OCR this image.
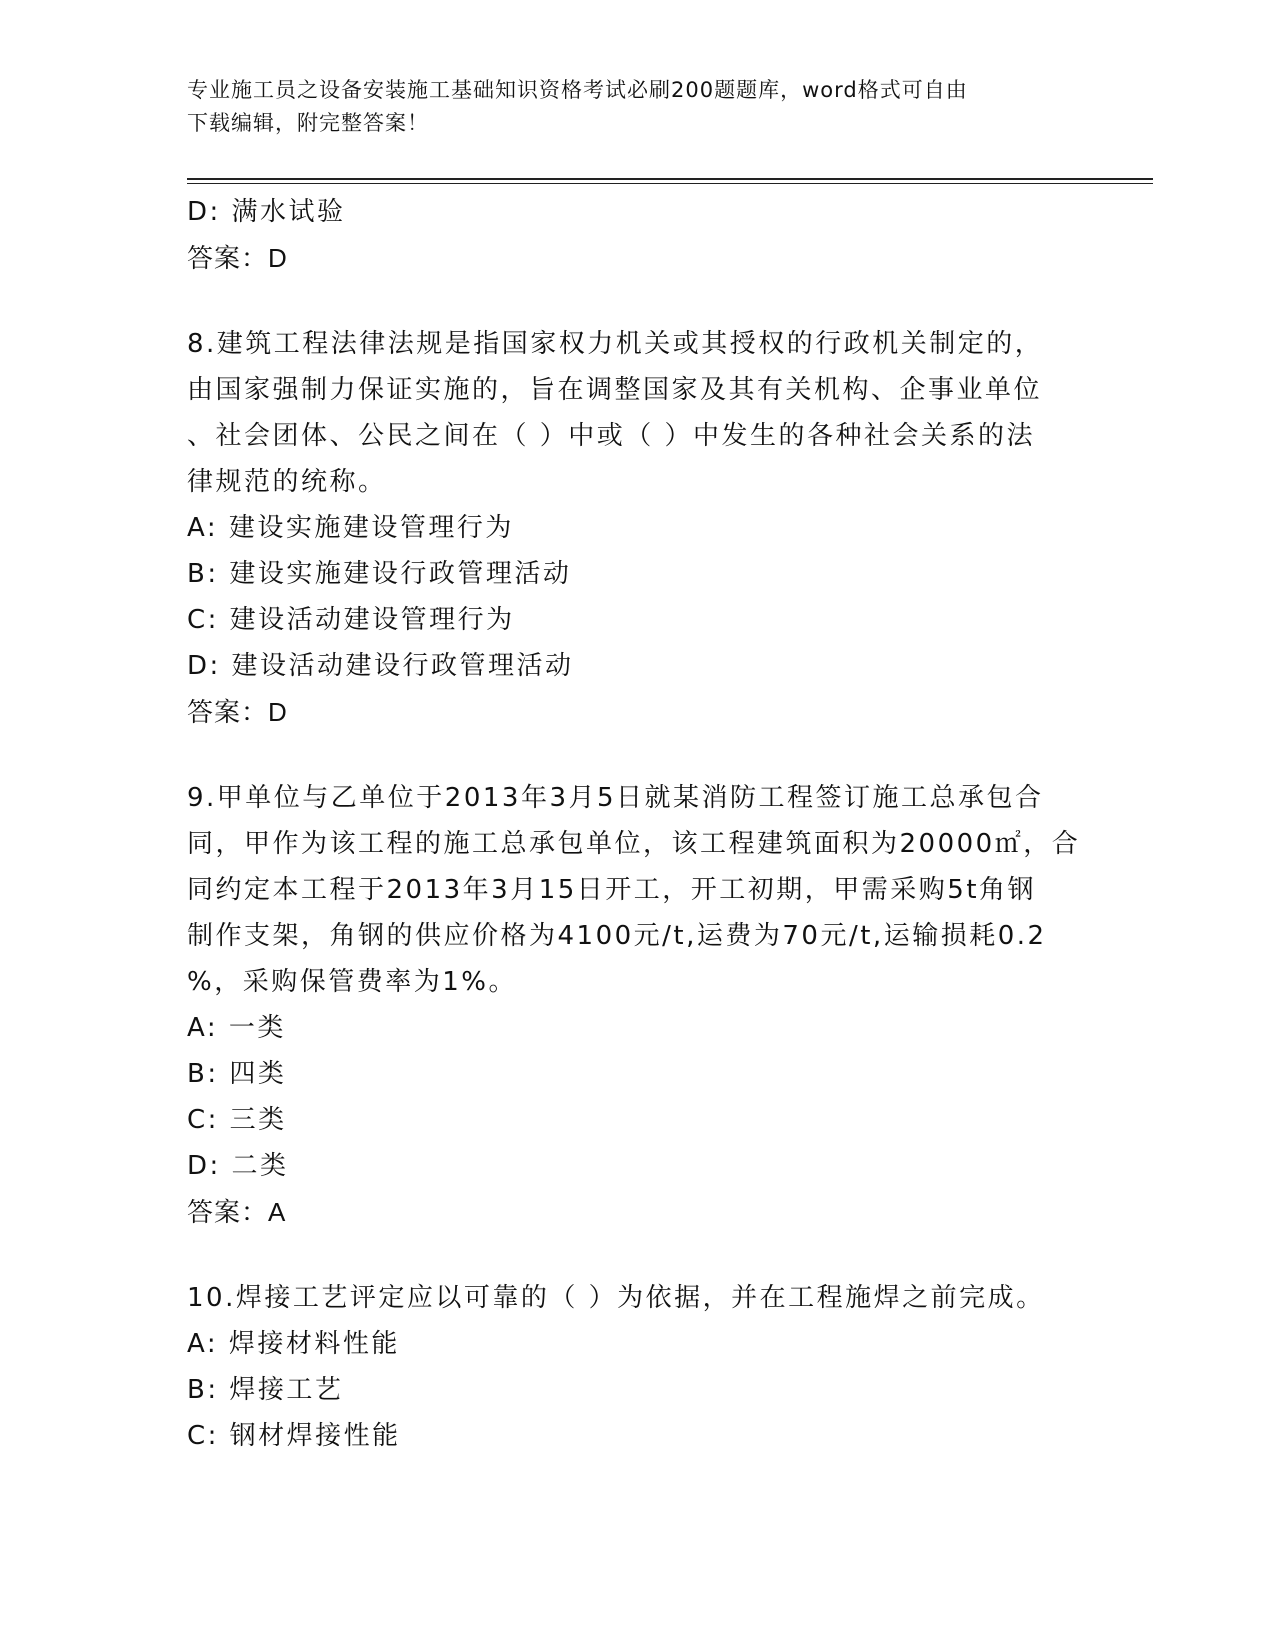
专业施工员之设备安装施工基础知识资格考试必刷200题题库，word格式可自由
下载编辑，附完整答案！
D: 满水试验
答案：D
8.建筑工程法律法规是指国家权力机关或其授权的行政机关制定的，
由国家强制力保证实施的，旨在调整国家及其有关机构、企事业单位
、社会团体、公民之间在（ ）中或（ ）中发生的各种社会关系的法
律规范的统称。
A: 建设实施建设管理行为
B: 建设实施建设行政管理活动
C: 建设活动建设管理行为
D: 建设活动建设行政管理活动
答案：D
9.甲单位与乙单位于2013年3月5日就某消防工程签订施工总承包合
同，甲作为该工程的施工总承包单位，该工程建筑面积为20000㎡，合
同约定本工程于2013年3月15日开工，开工初期，甲需采购5t角钢
制作支架，角钢的供应价格为4100元/t,运费为70元/t,运输损耗0.2
%，采购保管费率为1%。
A: 一类
B: 四类
C: 三类
D: 二类
答案：A
10.焊接工艺评定应以可靠的（ ）为依据，并在工程施焊之前完成。
A: 焊接材料性能
B: 焊接工艺
C: 钢材焊接性能
